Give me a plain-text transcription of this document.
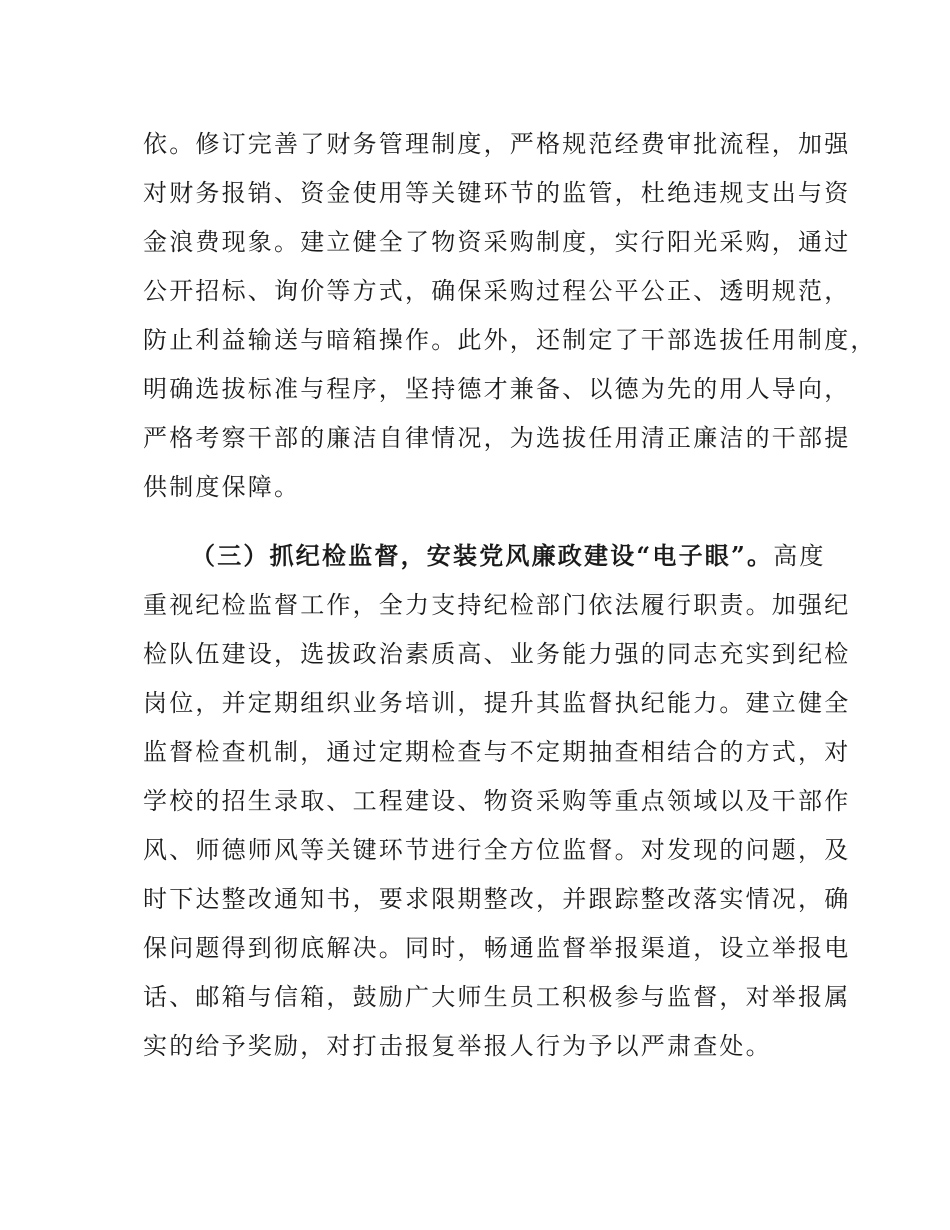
依。修订完善了财务管理制度，严格规范经费审批流程，加强
对财务报销、资金使用等关键环节的监管，杜绝违规支出与资
金浪费现象。建立健全了物资采购制度，实行阳光采购，通过
公开招标、询价等方式，确保采购过程公平公正、透明规范，
防止利益输送与暗箱操作。此外，还制定了干部选拔任用制度，
明确选拔标准与程序，坚持德才兼备、以德为先的用人导向，
严格考察干部的廉洁自律情况，为选拔任用清正廉洁的干部提
供制度保障。
（三）抓纪检监督，安装党风廉政建设“电子眼”。高度
重视纪检监督工作，全力支持纪检部门依法履行职责。加强纪
检队伍建设，选拔政治素质高、业务能力强的同志充实到纪检
岗位，并定期组织业务培训，提升其监督执纪能力。建立健全
监督检查机制，通过定期检查与不定期抽查相结合的方式，对
学校的招生录取、工程建设、物资采购等重点领域以及干部作
风、师德师风等关键环节进行全方位监督。对发现的问题，及
时下达整改通知书，要求限期整改，并跟踪整改落实情况，确
保问题得到彻底解决。同时，畅通监督举报渠道，设立举报电
话、邮箱与信箱，鼓励广大师生员工积极参与监督，对举报属
实的给予奖励，对打击报复举报人行为予以严肃查处。
